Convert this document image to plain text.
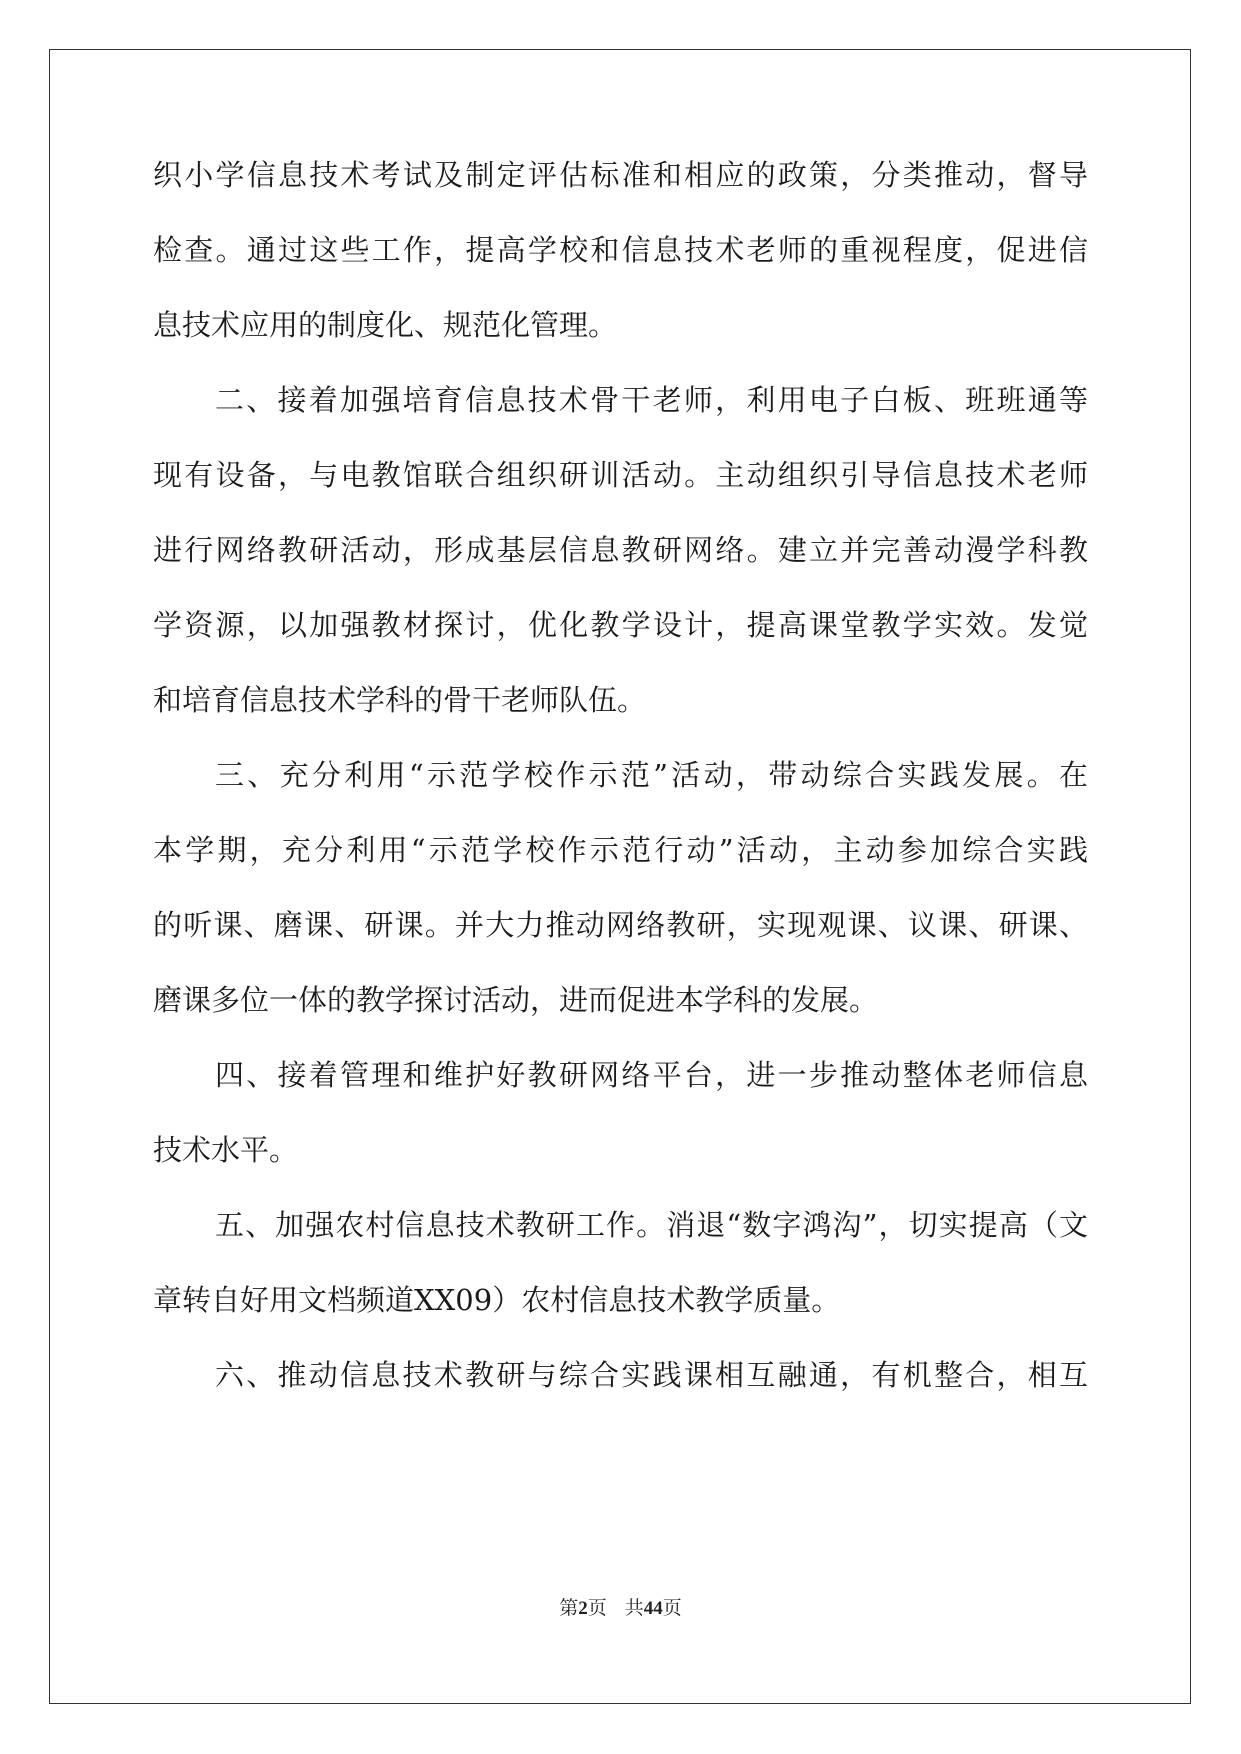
织小学信息技术考试及制定评估标准和相应的政策，分类推动，督导
检查。通过这些工作，提高学校和信息技术老师的重视程度，促进信
息技术应用的制度化、规范化管理。
二、接着加强培育信息技术骨干老师，利用电子白板、班班通等
现有设备，与电教馆联合组织研训活动。主动组织引导信息技术老师
进行网络教研活动，形成基层信息教研网络。建立并完善动漫学科教
学资源，以加强教材探讨，优化教学设计，提高课堂教学实效。发觉
和培育信息技术学科的骨干老师队伍。
三、充分利用“示范学校作示范”活动，带动综合实践发展。在
本学期，充分利用“示范学校作示范行动”活动，主动参加综合实践
的听课、磨课、研课。并大力推动网络教研，实现观课、议课、研课、
磨课多位一体的教学探讨活动，进而促进本学科的发展。
四、接着管理和维护好教研网络平台，进一步推动整体老师信息
技术水平。
五、加强农村信息技术教研工作。消退“数字鸿沟”，切实提高（文
章转自好用文档频道XX09）农村信息技术教学质量。
六、推动信息技术教研与综合实践课相互融通，有机整合，相互
第2页 共44页
